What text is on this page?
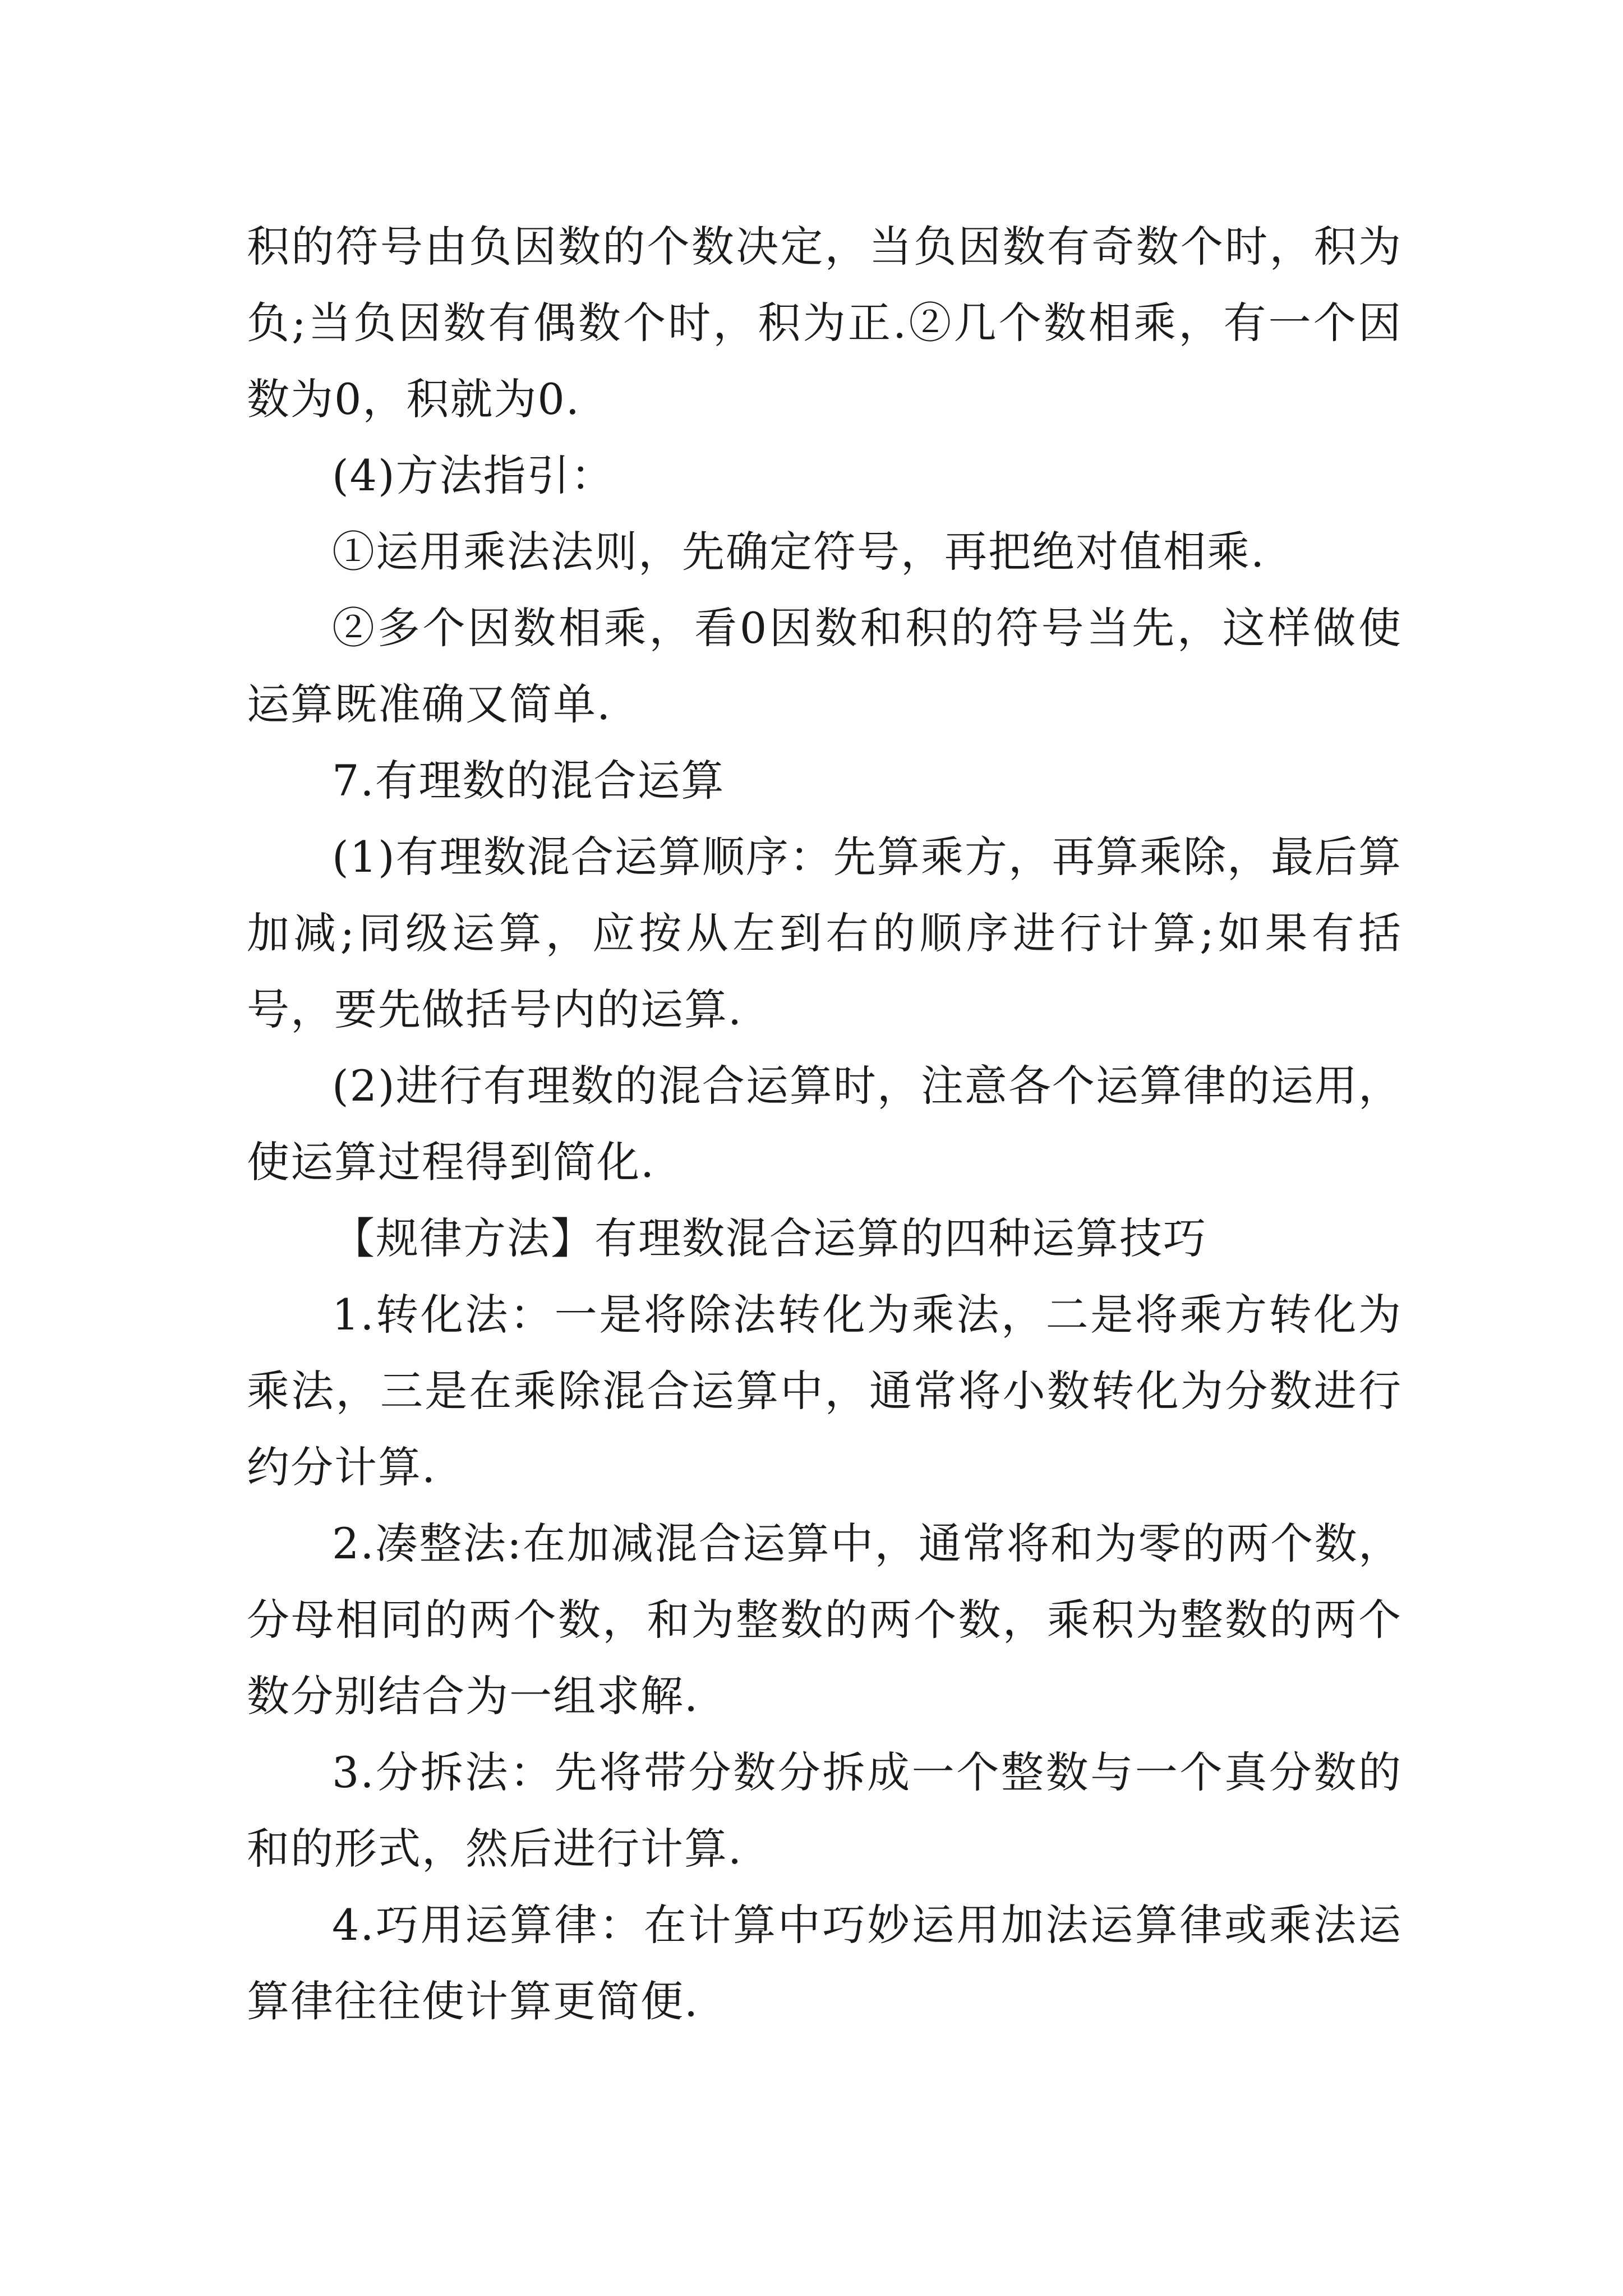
积的符号由负因数的个数决定，当负因数有奇数个时，积为负;当负因数有偶数个时，积为正.②几个数相乘，有一个因数为0，积就为0.

(4)方法指引：

①运用乘法法则，先确定符号，再把绝对值相乘.

②多个因数相乘，看0因数和积的符号当先，这样做使运算既准确又简单.

7.有理数的混合运算

(1)有理数混合运算顺序：先算乘方，再算乘除，最后算加减;同级运算，应按从左到右的顺序进行计算;如果有括号，要先做括号内的运算.

(2)进行有理数的混合运算时，注意各个运算律的运用，使运算过程得到简化.

【规律方法】有理数混合运算的四种运算技巧

1.转化法：一是将除法转化为乘法，二是将乘方转化为乘法，三是在乘除混合运算中，通常将小数转化为分数进行约分计算.

2.凑整法:在加减混合运算中，通常将和为零的两个数，分母相同的两个数，和为整数的两个数，乘积为整数的两个数分别结合为一组求解.

3.分拆法：先将带分数分拆成一个整数与一个真分数的和的形式，然后进行计算.

4.巧用运算律：在计算中巧妙运用加法运算律或乘法运算律往往使计算更简便.
